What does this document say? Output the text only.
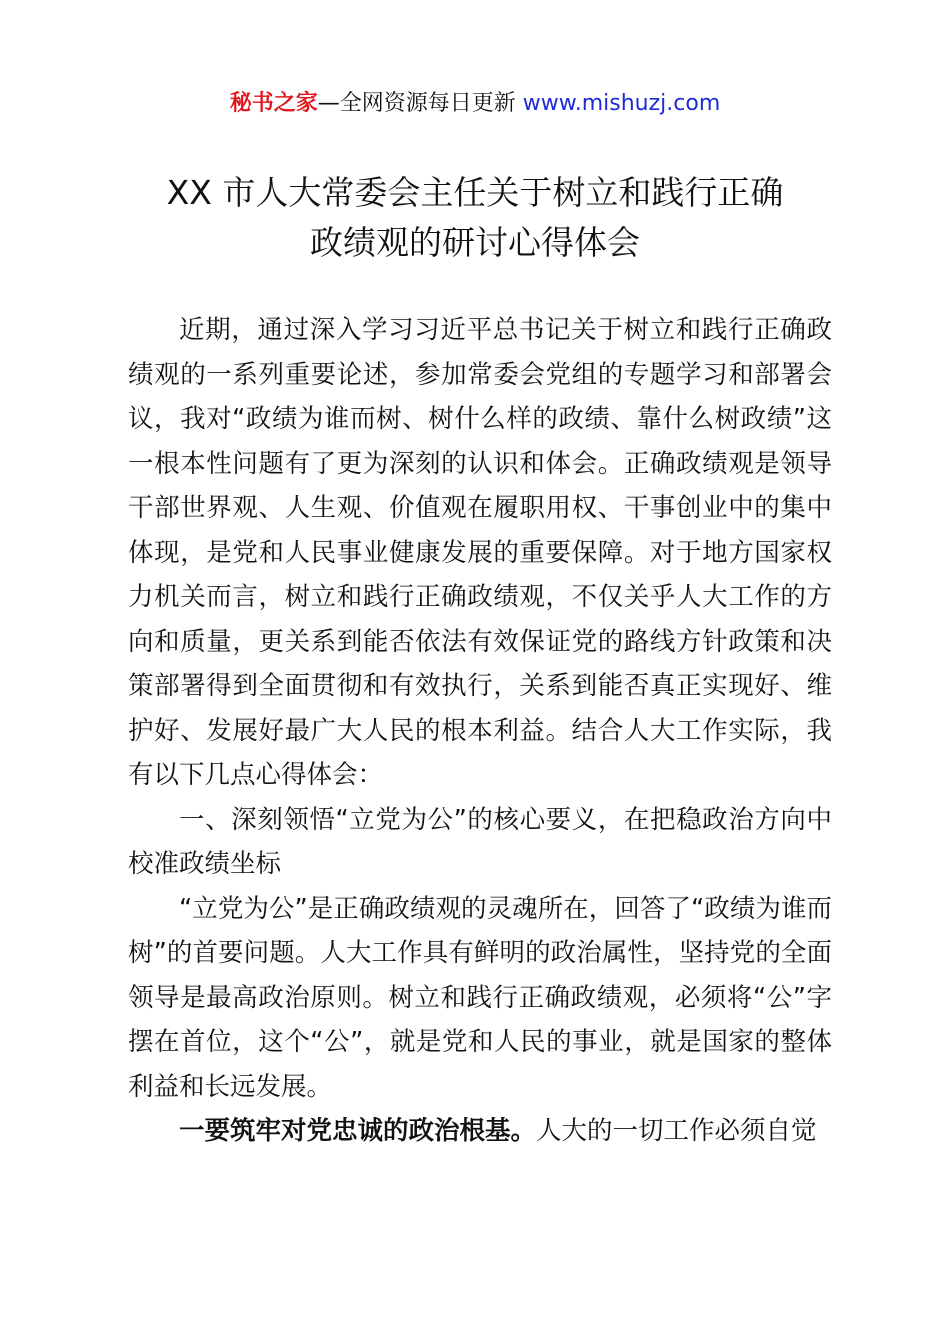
秘书之家—全网资源每日更新 www.mishuzj.com
XX 市人大常委会主任关于树立和践行正确
政绩观的研讨心得体会

近期，通过深入学习习近平总书记关于树立和践行正确政绩观的一系列重要论述，参加常委会党组的专题学习和部署会议，我对“政绩为谁而树、树什么样的政绩、靠什么树政绩”这一根本性问题有了更为深刻的认识和体会。正确政绩观是领导干部世界观、人生观、价值观在履职用权、干事创业中的集中体现，是党和人民事业健康发展的重要保障。对于地方国家权力机关而言，树立和践行正确政绩观，不仅关乎人大工作的方向和质量，更关系到能否依法有效保证党的路线方针政策和决策部署得到全面贯彻和有效执行，关系到能否真正实现好、维护好、发展好最广大人民的根本利益。结合人大工作实际，我有以下几点心得体会：

一、深刻领悟“立党为公”的核心要义，在把稳政治方向中校准政绩坐标

“立党为公”是正确政绩观的灵魂所在，回答了“政绩为谁而树”的首要问题。人大工作具有鲜明的政治属性，坚持党的全面领导是最高政治原则。树立和践行正确政绩观，必须将“公”字摆在首位，这个“公”，就是党和人民的事业，就是国家的整体利益和长远发展。

一要筑牢对党忠诚的政治根基。人大的一切工作必须自觉
